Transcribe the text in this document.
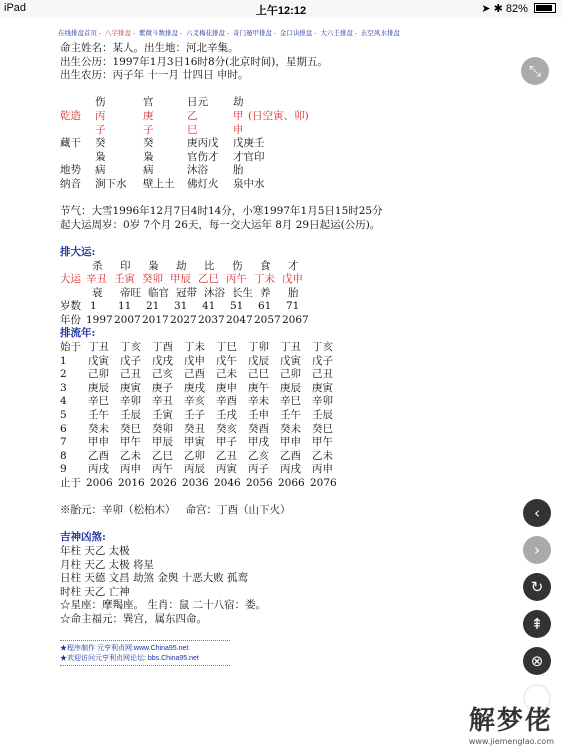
iPad	上午12:12	➤ ✱ 82%
在线排盘首页 - 八字排盘 - 紫微斗数排盘 - 六爻梅花排盘 - 奇门遁甲排盘 - 金口诀排盘 - 大六壬排盘 - 玄空风水排盘
命主姓名：某人。出生地：河北辛集。
出生公历：1997年1月3日16时8分(北京时间)，星期五。
出生农历：丙子年 十一月 廿四日 申时。
伤	官	日元 劫
乾造 丙	庚	乙	甲 (日空寅、卯)
子	子	巳	申
藏干 癸	癸	庚丙戊 戊庚壬
枭	枭	官伤才 才官印
地势 病	病	沐浴 胎
纳音 涧下水 壁上土 佛灯火 泉中水
节气：大雪1996年12月7日4时14分，小寒1997年1月5日15时25分
起大运周岁：0岁 7个月 26天，每一交大运年 8月 29日起运(公历)。
排大运:
杀 印 枭 劫 比 伤 食 才
大运 辛丑 壬寅 癸卯 甲辰 乙巳 丙午 丁未 戊申
衰 帝旺 临官 冠带 沐浴 长生 养 胎
岁数 1 11 21 31 41 51 61 71
年份 1997 2007 2017 2027 2037 2047 2057 2067
排流年:
始于 丁丑 丁亥 丁酉 丁未 丁巳 丁卯 丁丑 丁亥
1 戊寅 戊子 戊戌 戊申 戊午 戊辰 戊寅 戊子
2 己卯 己丑 己亥 己酉 己未 己巳 己卯 己丑
3 庚辰 庚寅 庚子 庚戌 庚申 庚午 庚辰 庚寅
4 辛巳 辛卯 辛丑 辛亥 辛酉 辛未 辛巳 辛卯
5 壬午 壬辰 壬寅 壬子 壬戌 壬申 壬午 壬辰
6 癸未 癸巳 癸卯 癸丑 癸亥 癸酉 癸未 癸巳
7 甲申 甲午 甲辰 甲寅 甲子 甲戌 甲申 甲午
8 乙酉 乙未 乙巳 乙卯 乙丑 乙亥 乙酉 乙未
9 丙戌 丙申 丙午 丙辰 丙寅 丙子 丙戌 丙申
止于 2006 2016 2026 2036 2046 2056 2066 2076
※胎元：辛卯（松柏木）   命宫：丁酉（山下火）
吉神凶煞:
年柱 天乙 太极
月柱 天乙 太极 将星
日柱 天德 文昌 劫煞 金舆 十恶大败 孤鸾
时柱 天乙 亡神
☆星座：摩羯座。 生肖：鼠 二十八宿：娄。
☆命主福元：巽宫，属东四命。
★程序制作 元亨利贞网:www.China95.net
★欢迎访问元亨利贞网论坛: bbs.China95.net
⤡
‹
›
↻
⇞
⊗
解梦佬
www.jiemenglao.com
